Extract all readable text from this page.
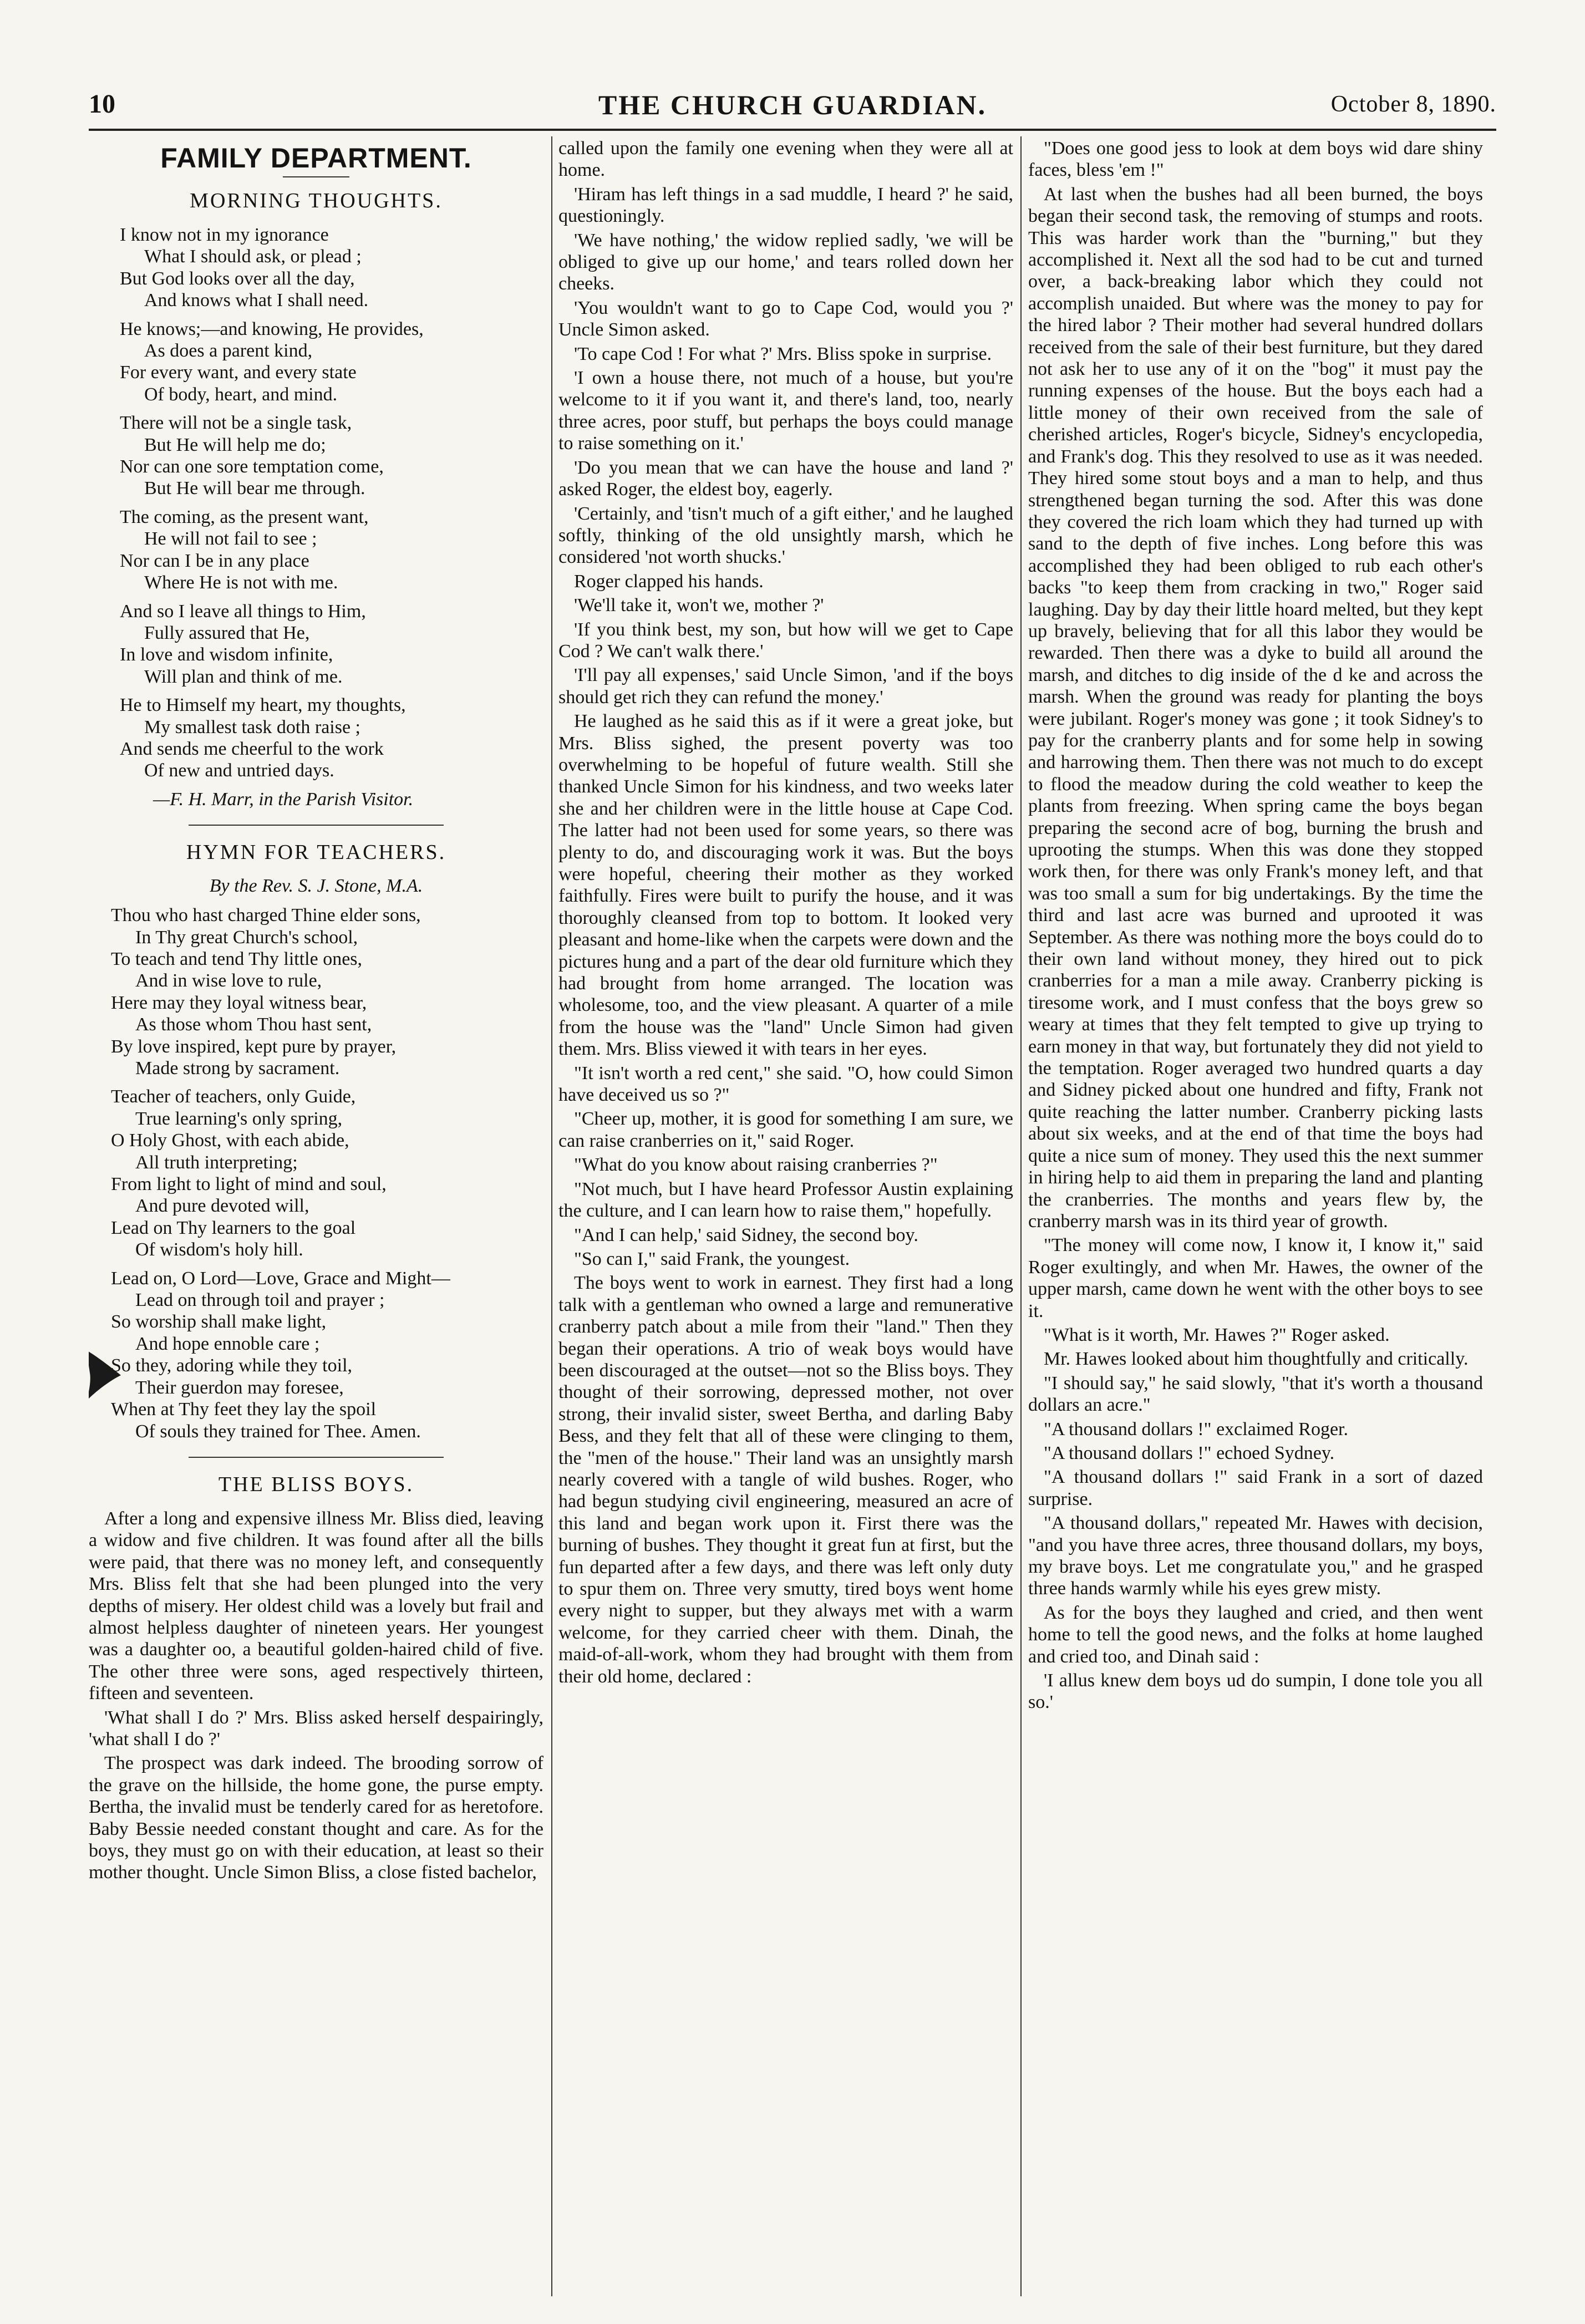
10	THE CHURCH GUARDIAN.	October 8, 1890.
FAMILY DEPARTMENT.
MORNING THOUGHTS.
I know not in my ignorance
What I should ask, or plead ;
But God looks over all the day,
And knows what I shall need.
He knows;—and knowing, He provides,
As does a parent kind,
For every want, and every state
Of body, heart, and mind.
There will not be a single task,
But He will help me do;
Nor can one sore temptation come,
But He will bear me through.
The coming, as the present want,
He will not fail to see ;
Nor can I be in any place
Where He is not with me.
And so I leave all things to Him,
Fully assured that He,
In love and wisdom infinite,
Will plan and think of me.
He to Himself my heart, my thoughts,
My smallest task doth raise ;
And sends me cheerful to the work
Of new and untried days.
—F. H. Marr, in the Parish Visitor.
HYMN FOR TEACHERS.
By the Rev. S. J. Stone, M.A.
Thou who hast charged Thine elder sons,
In Thy great Church's school,
To teach and tend Thy little ones,
And in wise love to rule,
Here may they loyal witness bear,
As those whom Thou hast sent,
By love inspired, kept pure by prayer,
Made strong by sacrament.
Teacher of teachers, only Guide,
True learning's only spring,
O Holy Ghost, with each abide,
All truth interpreting;
From light to light of mind and soul,
And pure devoted will,
Lead on Thy learners to the goal
Of wisdom's holy hill.
Lead on, O Lord—Love, Grace and Might—
Lead on through toil and prayer ;
So worship shall make light,
And hope ennoble care ;
So they, adoring while they toil,
Their guerdon may foresee,
When at Thy feet they lay the spoil
Of souls they trained for Thee. Amen.
THE BLISS BOYS.

After a long and expensive illness Mr. Bliss died, leaving a widow and five children. It was found after all the bills were paid, that there was no money left, and consequently Mrs. Bliss felt that she had been plunged into the very depths of misery. Her oldest child was a lovely but frail and almost helpless daughter of nineteen years. Her youngest was a daughter oo, a beautiful golden-haired child of five. The other three were sons, aged respectively thirteen, fifteen and seventeen.

'What shall I do ?' Mrs. Bliss asked herself despairingly, 'what shall I do ?'

The prospect was dark indeed. The brooding sorrow of the grave on the hillside, the home gone, the purse empty. Bertha, the invalid must be tenderly cared for as heretofore. Baby Bessie needed constant thought and care. As for the boys, they must go on with their education, at least so their mother thought. Uncle Simon Bliss, a close fisted bachelor,

called upon the family one evening when they were all at home.

'Hiram has left things in a sad muddle, I heard ?' he said, questioningly.

'We have nothing,' the widow replied sadly, 'we will be obliged to give up our home,' and tears rolled down her cheeks.

'You wouldn't want to go to Cape Cod, would you ?' Uncle Simon asked.

'To cape Cod ! For what ?' Mrs. Bliss spoke in surprise.

'I own a house there, not much of a house, but you're welcome to it if you want it, and there's land, too, nearly three acres, poor stuff, but perhaps the boys could manage to raise something on it.'

'Do you mean that we can have the house and land ?' asked Roger, the eldest boy, eagerly.

'Certainly, and 'tisn't much of a gift either,' and he laughed softly, thinking of the old unsightly marsh, which he considered 'not worth shucks.'

Roger clapped his hands.

'We'll take it, won't we, mother ?'

'If you think best, my son, but how will we get to Cape Cod ? We can't walk there.'

'I'll pay all expenses,' said Uncle Simon, 'and if the boys should get rich they can refund the money.'

He laughed as he said this as if it were a great joke, but Mrs. Bliss sighed, the present poverty was too overwhelming to be hopeful of future wealth. Still she thanked Uncle Simon for his kindness, and two weeks later she and her children were in the little house at Cape Cod. The latter had not been used for some years, so there was plenty to do, and discouraging work it was. But the boys were hopeful, cheering their mother as they worked faithfully. Fires were built to purify the house, and it was thoroughly cleansed from top to bottom. It looked very pleasant and home-like when the carpets were down and the pictures hung and a part of the dear old furniture which they had brought from home arranged. The location was wholesome, too, and the view pleasant. A quarter of a mile from the house was the "land" Uncle Simon had given them. Mrs. Bliss viewed it with tears in her eyes.

"It isn't worth a red cent," she said. "O, how could Simon have deceived us so ?"

"Cheer up, mother, it is good for something I am sure, we can raise cranberries on it," said Roger.

"What do you know about raising cranberries ?"

"Not much, but I have heard Professor Austin explaining the culture, and I can learn how to raise them," hopefully.

"And I can help,' said Sidney, the second boy.

"So can I," said Frank, the youngest.

The boys went to work in earnest. They first had a long talk with a gentleman who owned a large and remunerative cranberry patch about a mile from their "land." Then they began their operations. A trio of weak boys would have been discouraged at the outset—not so the Bliss boys. They thought of their sorrowing, depressed mother, not over strong, their invalid sister, sweet Bertha, and darling Baby Bess, and they felt that all of these were clinging to them, the "men of the house." Their land was an unsightly marsh nearly covered with a tangle of wild bushes. Roger, who had begun studying civil engineering, measured an acre of this land and began work upon it. First there was the burning of bushes. They thought it great fun at first, but the fun departed after a few days, and there was left only duty to spur them on. Three very smutty, tired boys went home every night to supper, but they always met with a warm welcome, for they carried cheer with them. Dinah, the maid-of-all-work, whom they had brought with them from their old home, declared :

"Does one good jess to look at dem boys wid dare shiny faces, bless 'em !"

At last when the bushes had all been burned, the boys began their second task, the removing of stumps and roots. This was harder work than the "burning," but they accomplished it. Next all the sod had to be cut and turned over, a back-breaking labor which they could not accomplish unaided. But where was the money to pay for the hired labor ? Their mother had several hundred dollars received from the sale of their best furniture, but they dared not ask her to use any of it on the "bog" it must pay the running expenses of the house. But the boys each had a little money of their own received from the sale of cherished articles, Roger's bicycle, Sidney's encyclopedia, and Frank's dog. This they resolved to use as it was needed. They hired some stout boys and a man to help, and thus strengthened began turning the sod. After this was done they covered the rich loam which they had turned up with sand to the depth of five inches. Long before this was accomplished they had been obliged to rub each other's backs "to keep them from cracking in two," Roger said laughing. Day by day their little hoard melted, but they kept up bravely, believing that for all this labor they would be rewarded. Then there was a dyke to build all around the marsh, and ditches to dig inside of the d ke and across the marsh. When the ground was ready for planting the boys were jubilant. Roger's money was gone ; it took Sidney's to pay for the cranberry plants and for some help in sowing and harrowing them. Then there was not much to do except to flood the meadow during the cold weather to keep the plants from freezing. When spring came the boys began preparing the second acre of bog, burning the brush and uprooting the stumps. When this was done they stopped work then, for there was only Frank's money left, and that was too small a sum for big undertakings. By the time the third and last acre was burned and uprooted it was September. As there was nothing more the boys could do to their own land without money, they hired out to pick cranberries for a man a mile away. Cranberry picking is tiresome work, and I must confess that the boys grew so weary at times that they felt tempted to give up trying to earn money in that way, but fortunately they did not yield to the temptation. Roger averaged two hundred quarts a day and Sidney picked about one hundred and fifty, Frank not quite reaching the latter number. Cranberry picking lasts about six weeks, and at the end of that time the boys had quite a nice sum of money. They used this the next summer in hiring help to aid them in preparing the land and planting the cranberries. The months and years flew by, the cranberry marsh was in its third year of growth.

"The money will come now, I know it, I know it," said Roger exultingly, and when Mr. Hawes, the owner of the upper marsh, came down he went with the other boys to see it.

"What is it worth, Mr. Hawes ?" Roger asked.

Mr. Hawes looked about him thoughtfully and critically.

"I should say," he said slowly, "that it's worth a thousand dollars an acre."

"A thousand dollars !" exclaimed Roger.

"A thousand dollars !" echoed Sydney.

"A thousand dollars !" said Frank in a sort of dazed surprise.

"A thousand dollars," repeated Mr. Hawes with decision, "and you have three acres, three thousand dollars, my boys, my brave boys. Let me congratulate you," and he grasped three hands warmly while his eyes grew misty.

As for the boys they laughed and cried, and then went home to tell the good news, and the folks at home laughed and cried too, and Dinah said :

'I allus knew dem boys ud do sumpin, I done tole you all so.'
